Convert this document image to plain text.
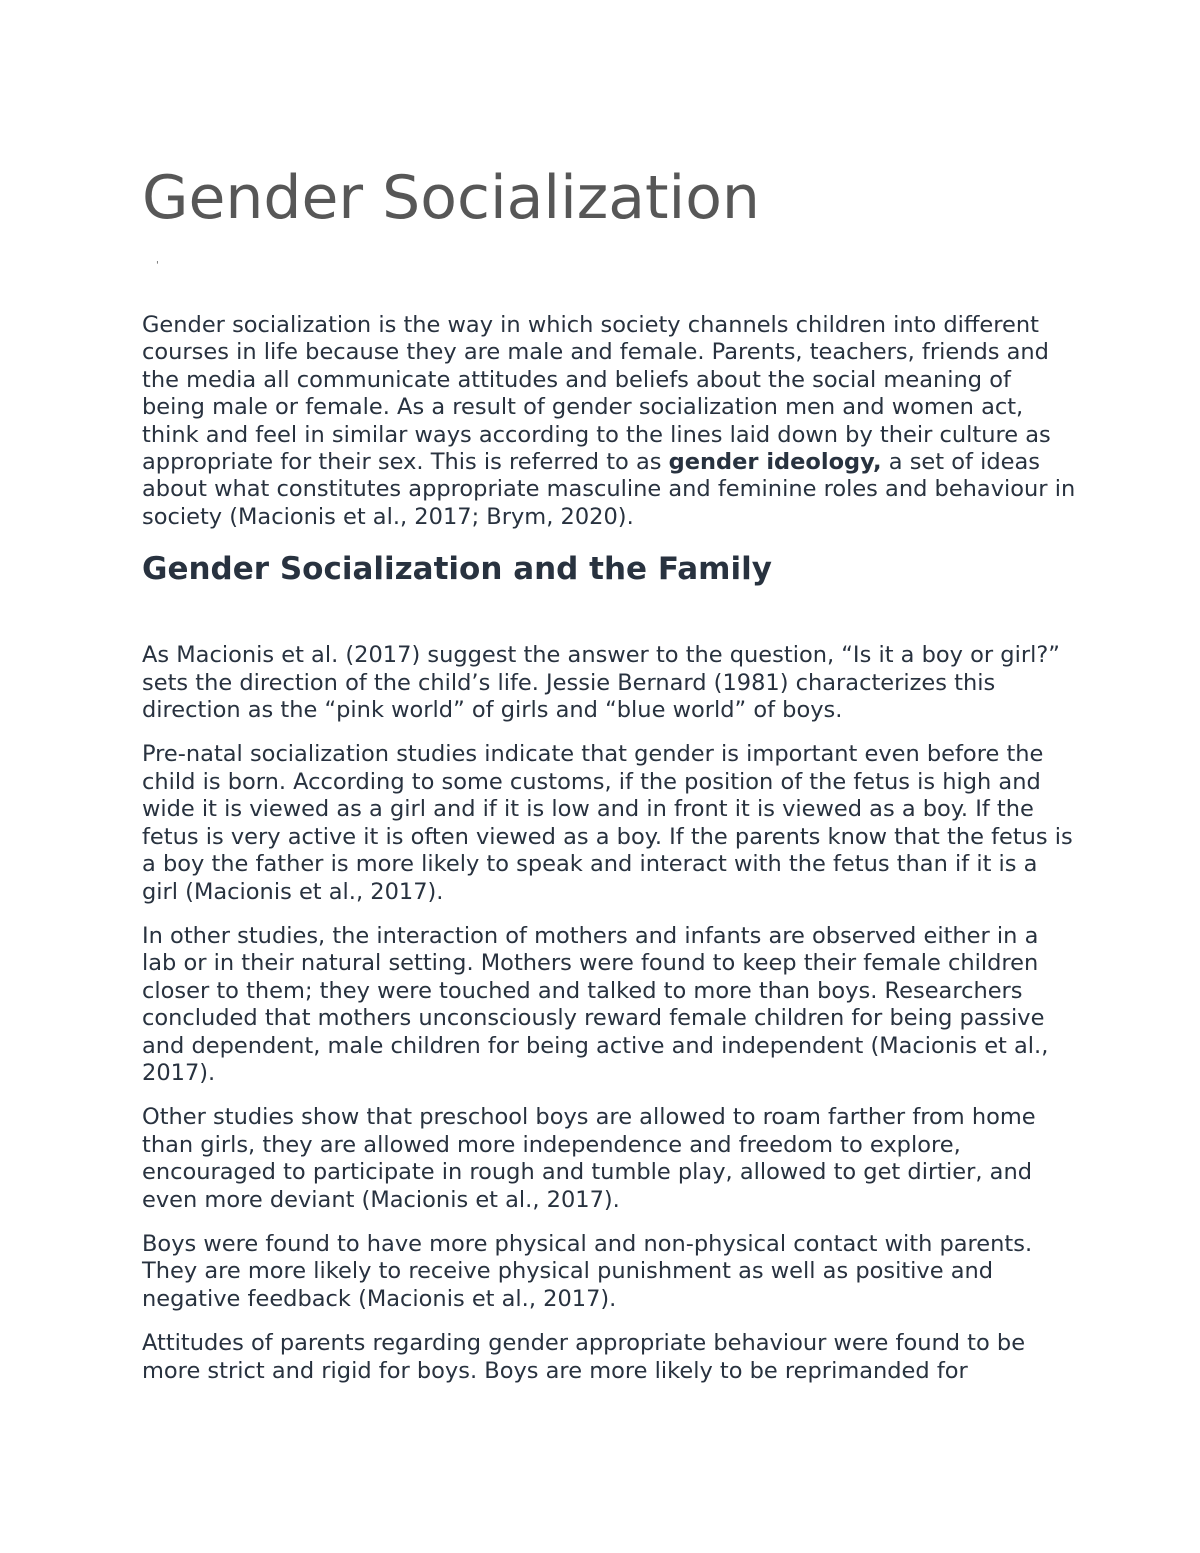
Gender Socialization
'

Gender socialization is the way in which society channels children into different courses in life because they are male and female. Parents, teachers, friends and the media all communicate attitudes and beliefs about the social meaning of being male or female. As a result of gender socialization men and women act, think and feel in similar ways according to the lines laid down by their culture as appropriate for their sex. This is referred to as gender ideology, a set of ideas about what constitutes appropriate masculine and feminine roles and behaviour in society (Macionis et al., 2017; Brym, 2020).

Gender Socialization and the Family

As Macionis et al. (2017) suggest the answer to the question, “Is it a boy or girl?” sets the direction of the child’s life. Jessie Bernard (1981) characterizes this direction as the “pink world” of girls and “blue world” of boys.

Pre-natal socialization studies indicate that gender is important even before the child is born. According to some customs, if the position of the fetus is high and wide it is viewed as a girl and if it is low and in front it is viewed as a boy. If the fetus is very active it is often viewed as a boy. If the parents know that the fetus is a boy the father is more likely to speak and interact with the fetus than if it is a girl (Macionis et al., 2017).

In other studies, the interaction of mothers and infants are observed either in a lab or in their natural setting. Mothers were found to keep their female children closer to them; they were touched and talked to more than boys. Researchers concluded that mothers unconsciously reward female children for being passive and dependent, male children for being active and independent (Macionis et al., 2017).

Other studies show that preschool boys are allowed to roam farther from home than girls, they are allowed more independence and freedom to explore, encouraged to participate in rough and tumble play, allowed to get dirtier, and even more deviant (Macionis et al., 2017).

Boys were found to have more physical and non-physical contact with parents. They are more likely to receive physical punishment as well as positive and negative feedback (Macionis et al., 2017).

Attitudes of parents regarding gender appropriate behaviour were found to be more strict and rigid for boys. Boys are more likely to be reprimanded for
